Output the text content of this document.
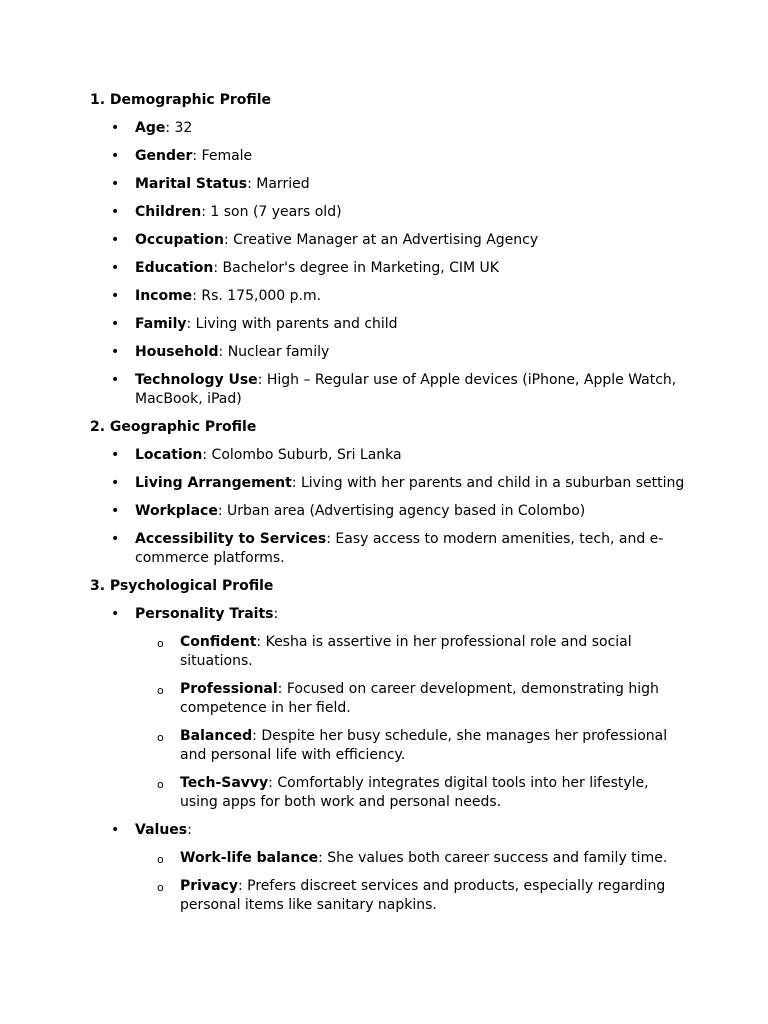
1. Demographic Profile
• Age: 32
• Gender: Female
• Marital Status: Married
• Children: 1 son (7 years old)
• Occupation: Creative Manager at an Advertising Agency
• Education: Bachelor's degree in Marketing, CIM UK
• Income: Rs. 175,000 p.m.
• Family: Living with parents and child
• Household: Nuclear family
• Technology Use: High – Regular use of Apple devices (iPhone, Apple Watch, MacBook, iPad)
2. Geographic Profile
• Location: Colombo Suburb, Sri Lanka
• Living Arrangement: Living with her parents and child in a suburban setting
• Workplace: Urban area (Advertising agency based in Colombo)
• Accessibility to Services: Easy access to modern amenities, tech, and e-commerce platforms.
3. Psychological Profile
• Personality Traits:
o Confident: Kesha is assertive in her professional role and social situations.
o Professional: Focused on career development, demonstrating high competence in her field.
o Balanced: Despite her busy schedule, she manages her professional and personal life with efficiency.
o Tech-Savvy: Comfortably integrates digital tools into her lifestyle, using apps for both work and personal needs.
• Values:
o Work-life balance: She values both career success and family time.
o Privacy: Prefers discreet services and products, especially regarding personal items like sanitary napkins.
